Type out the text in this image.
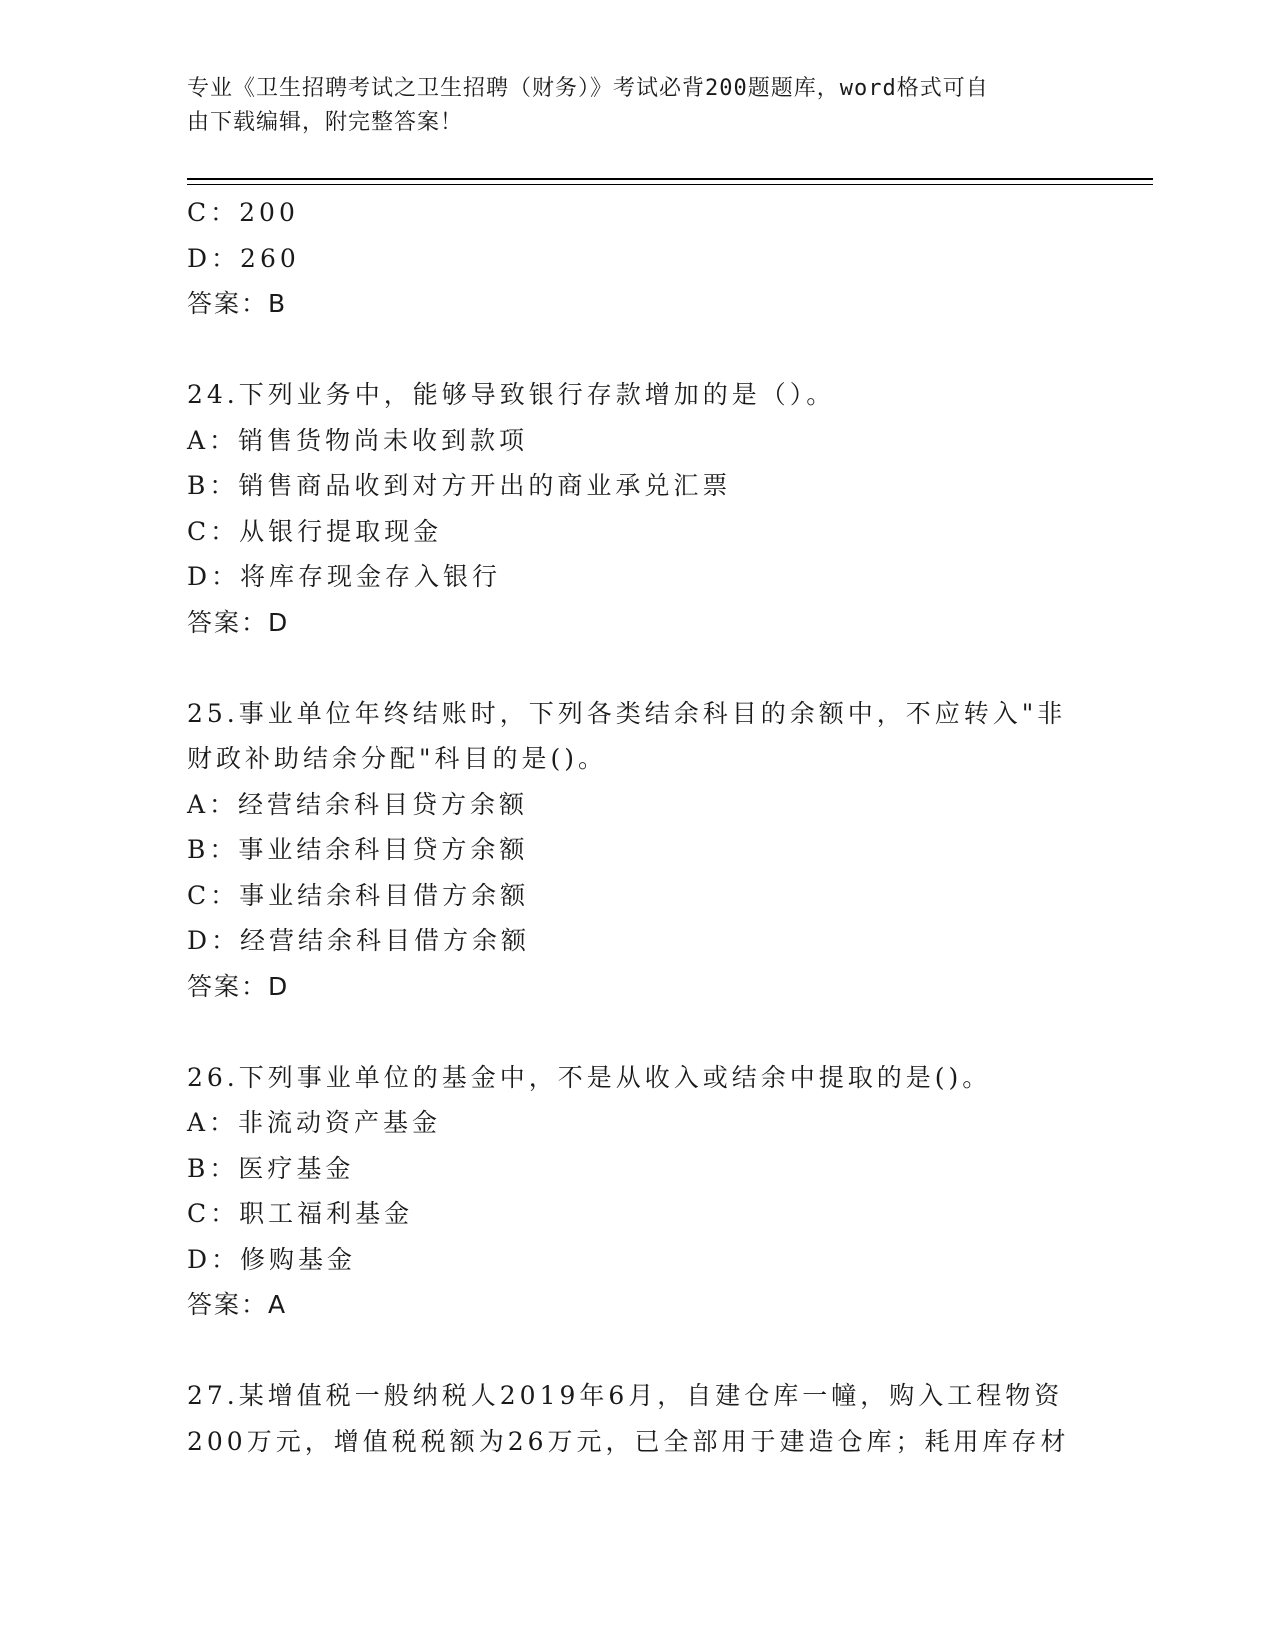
专业《卫生招聘考试之卫生招聘（财务）》考试必背200题题库，word格式可自
由下载编辑，附完整答案！
C：200
D：260
答案：B
24.下列业务中，能够导致银行存款增加的是（）。
A：销售货物尚未收到款项
B：销售商品收到对方开出的商业承兑汇票
C：从银行提取现金
D：将库存现金存入银行
答案：D
25.事业单位年终结账时，下列各类结余科目的余额中，不应转入"非
财政补助结余分配"科目的是()。
A：经营结余科目贷方余额
B：事业结余科目贷方余额
C：事业结余科目借方余额
D：经营结余科目借方余额
答案：D
26.下列事业单位的基金中，不是从收入或结余中提取的是()。
A：非流动资产基金
B：医疗基金
C：职工福利基金
D：修购基金
答案：A
27.某增值税一般纳税人2019年6月，自建仓库一幢，购入工程物资
200万元，增值税税额为26万元，已全部用于建造仓库；耗用库存材
